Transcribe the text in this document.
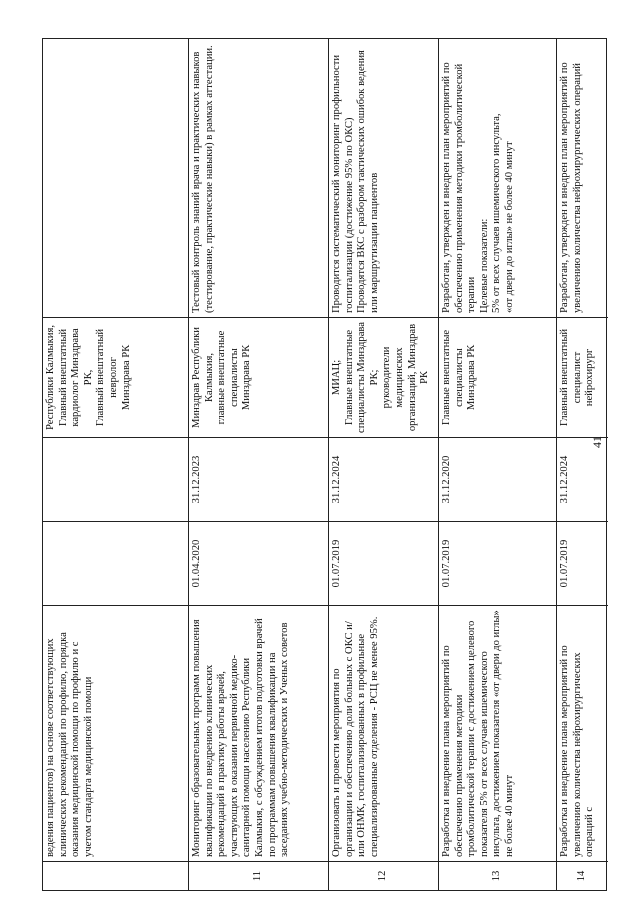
ведения пациентов) на основе соответствующих клинических рекомендаций по профилю, порядка оказания медицинской помощи по профилю и с учетом стандарта медицинской помощи
Республики Калмыкия,
Главный внештатный кардиолог Минздрава РК,
Главный внештатный невролог
Минздрава РК
11
Мониторинг образовательных программ повышения квалификации по внедрению клинических рекомендаций в практику работы врачей, участвующих в оказании первичной медико-санитарной помощи населению Республики Калмыкия, с обсуждением итогов подготовки врачей по программам повышения квалификации на заседаниях учебно-методических и Ученых советов
01.04.2020
31.12.2023
Минздрав Республики Калмыкия,
главные внештатные специалисты
Минздрава РК
Тестовый контроль знаний врача и практических навыков (тестирование, практические навыки) в рамках аттестации.
12
Организовать и провести мероприятия по организации и обеспечению доли больных с ОКС и/или ОНМК, госпитализированных в профильные специализированные отделения - РСЦ не менее 95%.
01.07.2019
31.12.2024
МИАЦ;
Главные внештатные специалисты Минздрава РК;
руководители медицинских организаций, Минздрав РК
Проводится систематический мониторинг профильности госпитализации (достижение 95% по ОКС)
Проводятся ВКС с разбором тактических ошибок ведения или маршрутизации пациентов
13
Разработка и внедрение плана мероприятий по обеспечению применения методики тромболитической терапии с достижением целевого показателя 5% от всех случаев ишемического инсульта, достижением показателя «от двери до иглы» не более 40 минут
01.07.2019
31.12.2020
Главные внештатные специалисты
Минздрава РК
Разработан, утвержден и внедрен план мероприятий по обеспечению применения методики тромболитической терапии
Целевые показатели:
5% от всех случаев ишемического инсульта,
«от двери до иглы» не более 40 минут
14
Разработка и внедрение плана мероприятий по увеличению количества нейрохирургических операций с
01.07.2019
31.12.2024
Главный внештатный специалист нейрохирург
Разработан, утвержден и внедрен план мероприятий по увеличению количества нейрохирургических операций
41
